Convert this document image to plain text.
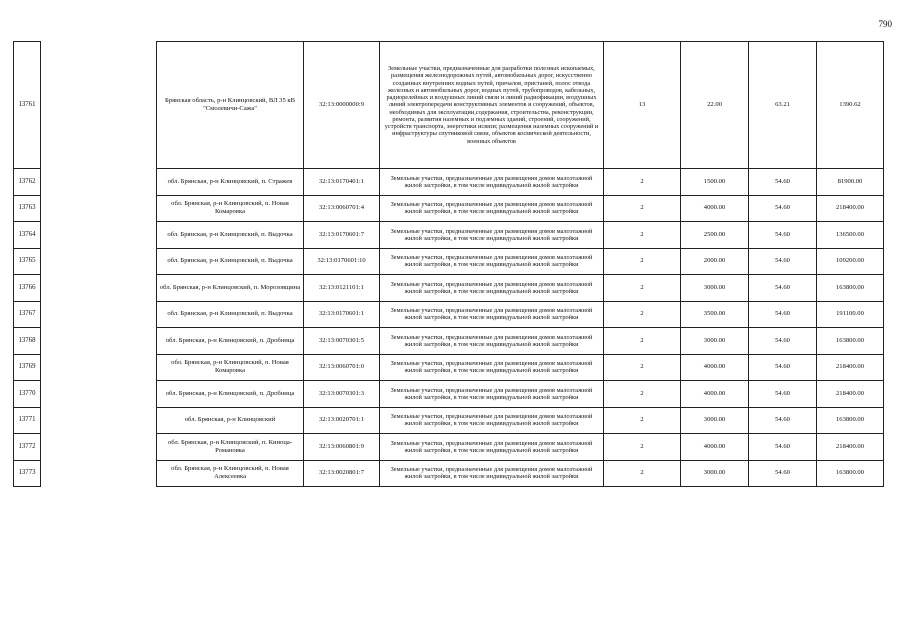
790
13761		Брянская область, р-н Клинцовский, ВЛ 35 кВ "Смолевичи-Сажа"	32:13:0000000:9	Земельные участки, предназначенные для разработки полезных ископаемых, размещения железнодорожных путей, автомобильных дорог, искусственно созданных внутренних водных путей, причалов, пристаней, полос отвода железных и автомобильных дорог, водных путей, трубопроводов, кабельных, радиорелейных и воздушных линий связи и линий радиофикации, воздушных линий электропередачи конструктивных элементов и сооружений, объектов, необходимых для эксплуатации,содержания, строительства, реконструкции, ремонта, развития наземных и подземных зданий, строений, сооружений, устройств транспорта, энергетики исвязи; размещения наземных сооружений и инфраструктуры спутниковой связи, объектов космической деятельности, военных объектов	13	22.00	63.21	1390.62
13762		обл. Брянская, р-н Клинцовский, п. Стражев	32:13:0170401:1	Земельные участки, предназначенные для размещения домов малоэтажной жилой застройки, в том числе индивидуальной жилой застройки	2	1500.00	54.60	81900.00
13763		обл. Брянская, р-н Клинцовский, п. Новая Комаровка	32:13:0060701:4	Земельные участки, предназначенные для размещения домов малоэтажной жилой застройки, в том числе индивидуальной жилой застройки	2	4000.00	54.60	218400.00
13764		обл. Брянская, р-н Клинцовский, п. Выдочка	32:13:0170601:7	Земельные участки, предназначенные для размещения домов малоэтажной жилой застройки, в том числе индивидуальной жилой застройки	2	2500.00	54.60	136500.00
13765		обл. Брянская, р-н Клинцовский, п. Выдочка	32:13:0170601:10	Земельные участки, предназначенные для размещения домов малоэтажной жилой застройки, в том числе индивидуальной жилой застройки	2	2000.00	54.60	109200.00
13766		обл. Брянская, р-н Клинцовский, п. Морозовщина	32:13:0121101:1	Земельные участки, предназначенные для размещения домов малоэтажной жилой застройки, в том числе индивидуальной жилой застройки	2	3000.00	54.60	163800.00
13767		обл. Брянская, р-н Клинцовский, п. Выдочка	32:13:0170601:1	Земельные участки, предназначенные для размещения домов малоэтажной жилой застройки, в том числе индивидуальной жилой застройки	2	3500.00	54.60	191100.00
13768		обл. Брянская, р-н Клинцовский, п. Дробница	32:13:0070301:5	Земельные участки, предназначенные для размещения домов малоэтажной жилой застройки, в том числе индивидуальной жилой застройки	2	3000.00	54.60	163800.00
13769		обл. Брянская, р-н Клинцовский, п. Новая Комаровка	32:13:0060701:0	Земельные участки, предназначенные для размещения домов малоэтажной жилой застройки, в том числе индивидуальной жилой застройки	2	4000.00	54.60	218400.00
13770		обл. Брянская, р-н Клинцовский, п. Дробница	32:13:0070301:3	Земельные участки, предназначенные для размещения домов малоэтажной жилой застройки, в том числе индивидуальной жилой застройки	2	4000.00	54.60	218400.00
13771		обл. Брянская, р-н Клинцовский	32:13:0020701:1	Земельные участки, предназначенные для размещения домов малоэтажной жилой застройки, в том числе индивидуальной жилой застройки	2	3000.00	54.60	163800.00
13772		обл. Брянская, р-н Клинцовский, п. Киноца-Романовка	32:13:0060801:9	Земельные участки, предназначенные для размещения домов малоэтажной жилой застройки, в том числе индивидуальной жилой застройки	2	4000.00	54.60	218400.00
13773		обл. Брянская, р-н Клинцовский, п. Новая Алексеевка	32:13:0020801:7	Земельные участки, предназначенные для размещения домов малоэтажной жилой застройки, в том числе индивидуальной жилой застройки	2	3000.00	54.60	163800.00
